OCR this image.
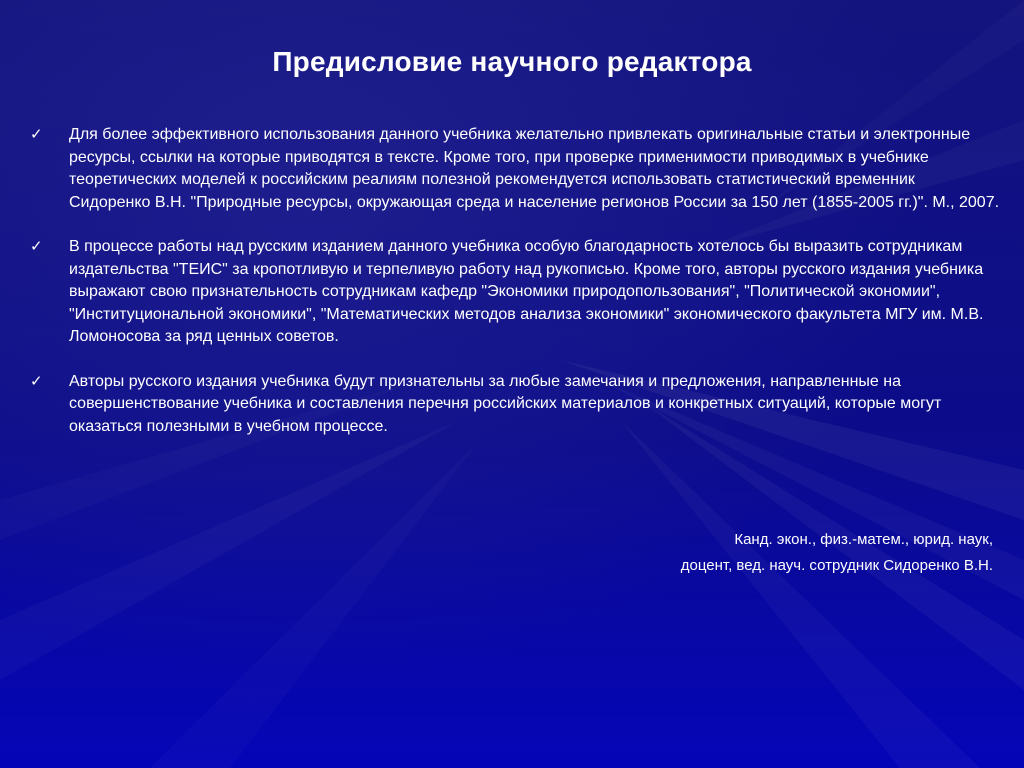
Предисловие научного редактора
✓ Для более эффективного использования данного учебника желательно привлекать оригинальные статьи и электронные ресурсы, ссылки на которые приводятся в тексте. Кроме того, при проверке применимости приводимых в учебнике теоретических моделей к российским реалиям полезной рекомендуется использовать статистический временник Сидоренко В.Н. "Природные ресурсы, окружающая среда и население регионов России за 150 лет (1855-2005 гг.)". М., 2007.
✓ В процессе работы над русским изданием данного учебника особую благодарность хотелось бы выразить сотрудникам издательства "ТЕИС" за кропотливую и терпеливую работу над рукописью. Кроме того, авторы русского издания учебника выражают свою признательность сотрудникам кафедр "Экономики природопользования", "Политической экономии", "Институциональной экономики", "Математических методов анализа экономики" экономического факультета МГУ им. М.В. Ломоносова за ряд ценных советов.
✓ Авторы русского издания учебника будут признательны за любые замечания и предложения, направленные на совершенствование учебника и составления перечня российских материалов и конкретных ситуаций, которые могут оказаться полезными в учебном процессе.
Канд. экон., физ.-матем., юрид. наук,
доцент, вед. науч. сотрудник Сидоренко В.Н.
